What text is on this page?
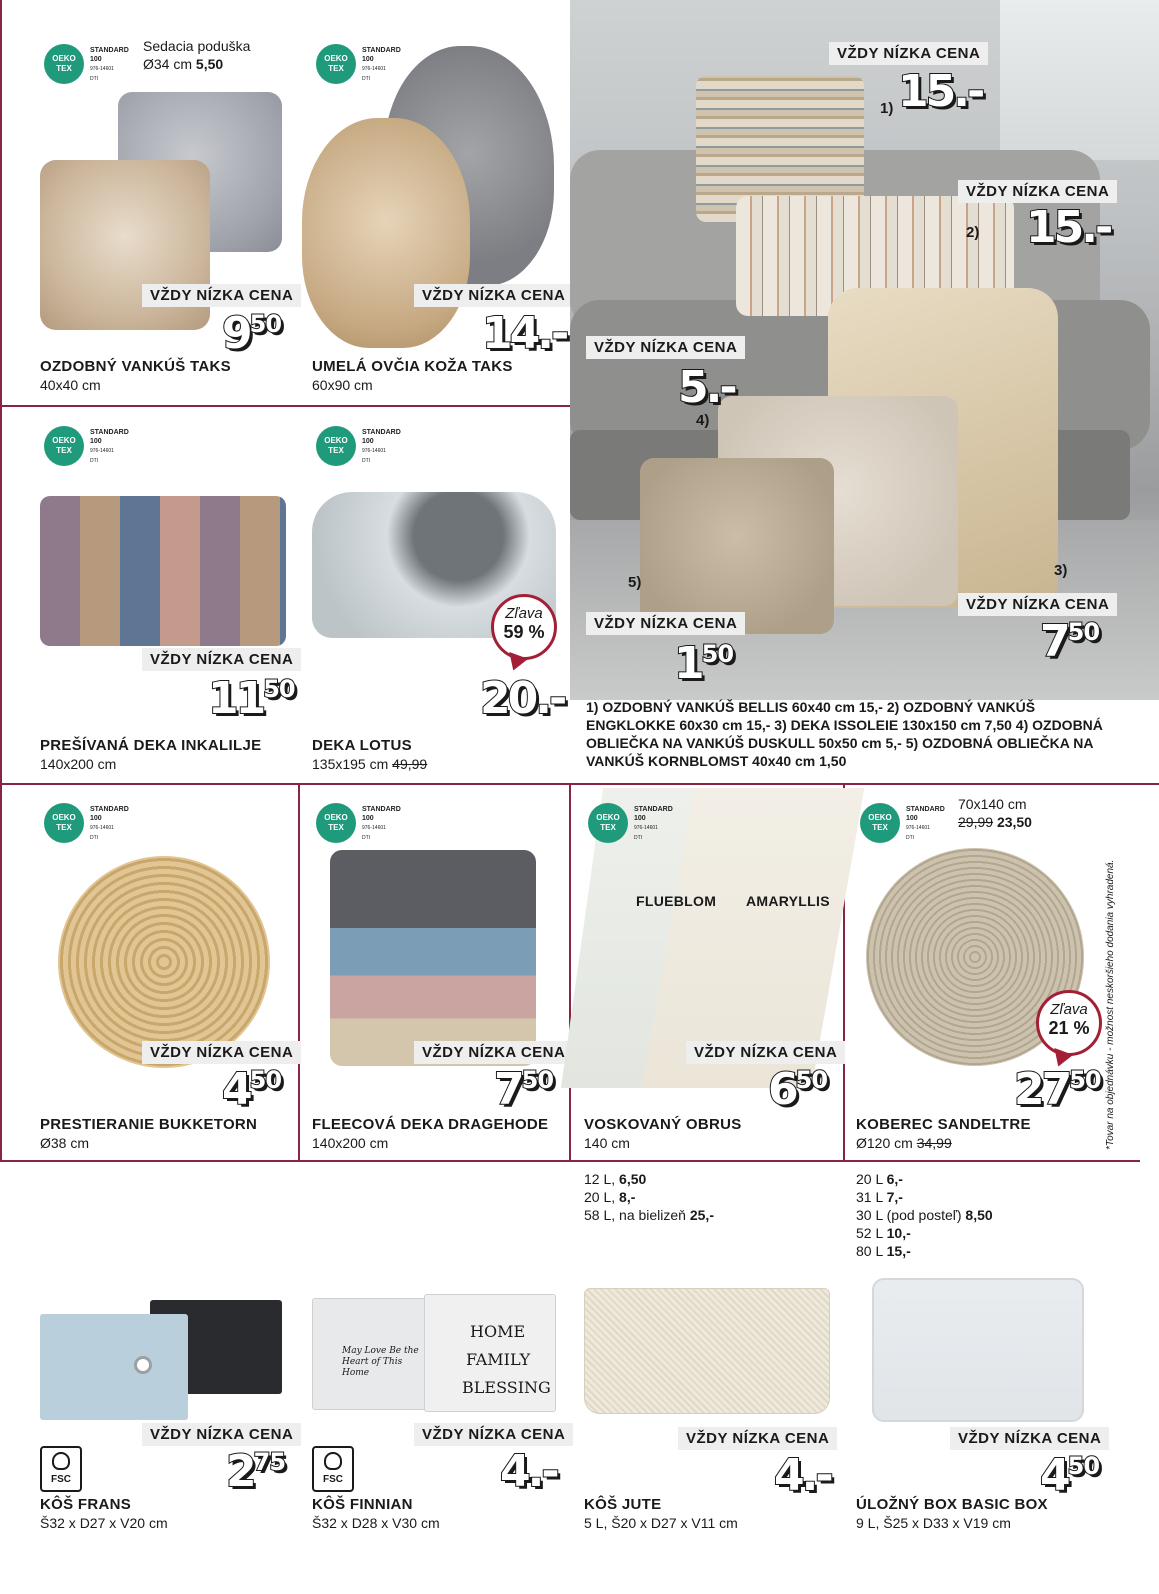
OEKO TEX
STANDARD
100
976-14601
DTI
Sedacia poduška
Ø34 cm 5,50
VŽDY NÍZKA CENA
950
OZDOBNÝ VANKÚŠ TAKS
40x40 cm
OEKO TEX
STANDARD
100
976-14601
DTI
VŽDY NÍZKA CENA
14.-
UMELÁ OVČIA KOŽA TAKS
60x90 cm
OEKO TEX
STANDARD
100
976-14601
DTI
VŽDY NÍZKA CENA
1150
PREŠÍVANÁ DEKA INKALILJE
140x200 cm
OEKO TEX
STANDARD
100
976-14601
DTI
Zľava
59 %
20.-
DEKA LOTUS
135x195 cm 49,99
VŽDY NÍZKA CENA
1) 15.-
VŽDY NÍZKA CENA
2) 15.-
VŽDY NÍZKA CENA
5.-
4)
3)
VŽDY NÍZKA CENA
750
5)
VŽDY NÍZKA CENA
150
1) OZDOBNÝ VANKÚŠ BELLIS 60x40 cm 15,- 2) OZDOBNÝ VANKÚŠ ENGKLOKKE 60x30 cm 15,- 3) DEKA ISSOLEIE 130x150 cm 7,50 4) OZDOBNÁ OBLIEČKA NA VANKÚŠ DUSKULL 50x50 cm 5,- 5) OZDOBNÁ OBLIEČKA NA VANKÚŠ KORNBLOMST 40x40 cm 1,50
OEKO TEX
STANDARD
100
976-14601
DTI
VŽDY NÍZKA CENA
450
PRESTIERANIE BUKKETORN
Ø38 cm
OEKO TEX
STANDARD
100
976-14601
DTI
VŽDY NÍZKA CENA
750
FLEECOVÁ DEKA DRAGEHODE
140x200 cm
OEKO TEX
STANDARD
100
976-14601
DTI
FLUEBLOM AMARYLLIS
VŽDY NÍZKA CENA
650
VOSKOVANÝ OBRUS
140 cm
OEKO TEX
STANDARD
100
976-14601
DTI
70x140 cm
29,99 23,50
Zľava
21 %
2750
KOBEREC SANDELTRE
Ø120 cm 34,99	*Tovar na objednávku - možnost neskoršieho dodania vyhradená.
VŽDY NÍZKA CENA
FSC	275
KÔŠ FRANS
Š32 x D27 x V20 cm
May Love Be the Heart of This Home
HOME
FAMILY
BLESSING
VŽDY NÍZKA CENA
FSC	4.-
KÔŠ FINNIAN
Š32 x D28 x V30 cm
12 L, 6,50
20 L, 8,-
58 L, na bielizeň 25,-
VŽDY NÍZKA CENA
4.-
KÔŠ JUTE
5 L, Š20 x D27 x V11 cm
20 L 6,-
31 L 7,-
30 L (pod posteľ) 8,50
52 L 10,-
80 L 15,-
VŽDY NÍZKA CENA
450
ÚLOŽNÝ BOX BASIC BOX
9 L, Š25 x D33 x V19 cm
